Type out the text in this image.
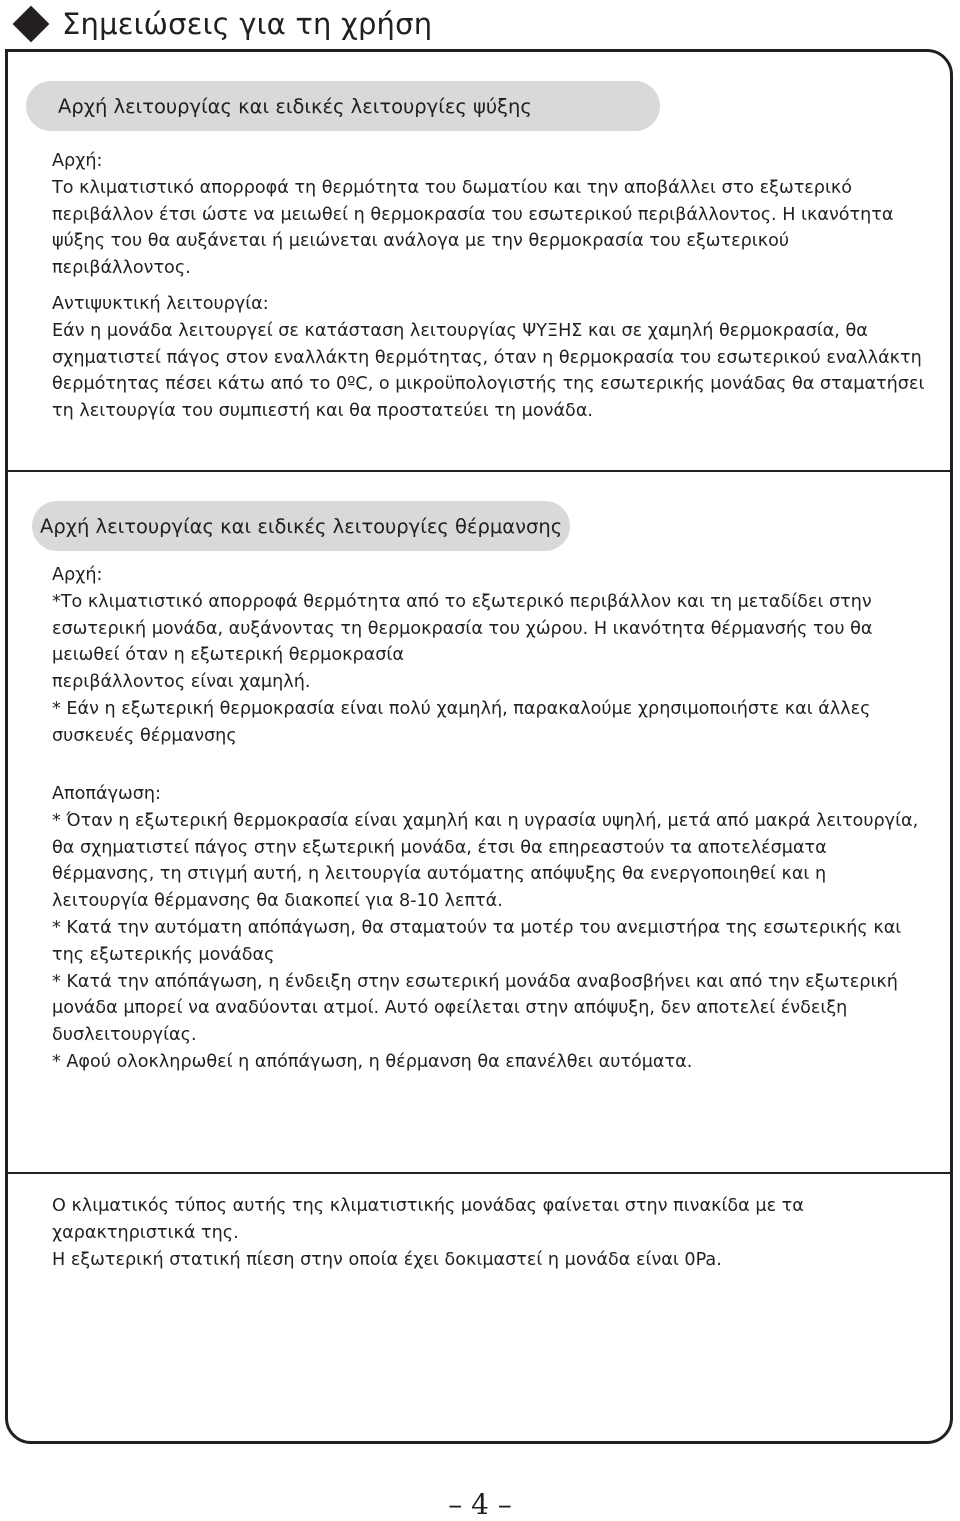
Σημειώσεις για τη χρήση
Αρχή λειτουργίας και ειδικές λειτουργίες ψύξης

Αρχή:

Το κλιματιστικό απορροφά τη θερμότητα του δωματίου και την αποβάλλει στο εξωτερικό περιβάλλον έτσι ώστε να μειωθεί η θερμοκρασία του εσωτερικού περιβάλλοντος. Η ικανότητα ψύξης του θα αυξάνεται ή μειώνεται ανάλογα με την θερμοκρασία του εξωτερικού περιβάλλοντος.

Αντιψυκτική λειτουργία:

Εάν η μονάδα λειτουργεί σε κατάσταση λειτουργίας ΨΥΞΗΣ και σε χαμηλή θερμοκρασία, θα σχηματιστεί πάγος στον εναλλάκτη θερμότητας, όταν η θερμοκρασία του εσωτερικού εναλλάκτη θερμότητας πέσει κάτω από το 0ºC, ο μικροϋπολογιστής της εσωτερικής μονάδας θα σταματήσει τη λειτουργία του συμπιεστή και θα προστατεύει τη μονάδα.

Αρχή λειτουργίας και ειδικές λειτουργίες θέρμανσης

Αρχή:

*Το κλιματιστικό απορροφά θερμότητα από το εξωτερικό περιβάλλον και τη μεταδίδει στην εσωτερική μονάδα, αυξάνοντας τη θερμοκρασία του χώρου. Η ικανότητα θέρμανσής του θα μειωθεί όταν η εξωτερική θερμοκρασία

περιβάλλοντος είναι χαμηλή.

* Εάν η εξωτερική θερμοκρασία είναι πολύ χαμηλή, παρακαλούμε χρησιμοποιήστε και άλλες συσκευές θέρμανσης

Αποπάγωση:

* Όταν η εξωτερική θερμοκρασία είναι χαμηλή και η υγρασία υψηλή, μετά από μακρά λειτουργία, θα σχηματιστεί πάγος στην εξωτερική μονάδα, έτσι θα επηρεαστούν τα αποτελέσματα θέρμανσης, τη στιγμή αυτή, η λειτουργία αυτόματης απόψυξης θα ενεργοποιηθεί και η λειτουργία θέρμανσης θα διακοπεί για 8-10 λεπτά.

* Κατά την αυτόματη απόπάγωση, θα σταματούν τα μοτέρ του ανεμιστήρα της εσωτερικής και της εξωτερικής μονάδας

* Κατά την απόπάγωση, η ένδειξη στην εσωτερική μονάδα αναβοσβήνει και από την εξωτερική μονάδα μπορεί να αναδύονται ατμοί. Αυτό οφείλεται στην απόψυξη, δεν αποτελεί ένδειξη δυσλειτουργίας.

* Αφού ολοκληρωθεί η απόπάγωση, η θέρμανση θα επανέλθει αυτόματα.

Ο κλιματικός τύπος αυτής της κλιματιστικής μονάδας φαίνεται στην πινακίδα με τα χαρακτηριστικά της.

Η εξωτερική στατική πίεση στην οποία έχει δοκιμαστεί η μονάδα είναι 0Pa.

– 4 –
